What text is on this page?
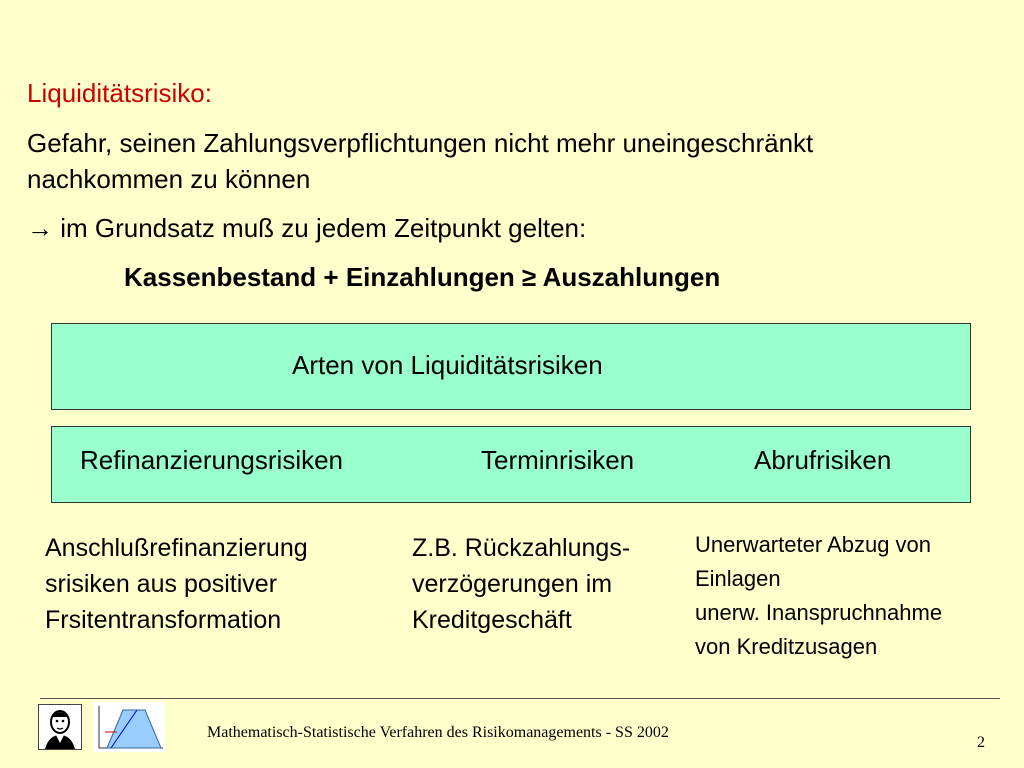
Liquiditätsrisiko:
Gefahr, seinen Zahlungsverpflichtungen nicht mehr uneingeschränkt
nachkommen zu können
→ im Grundsatz muß zu jedem Zeitpunkt gelten:
Kassenbestand + Einzahlungen ≥ Auszahlungen
Arten von Liquiditätsrisiken
Refinanzierungsrisiken	Terminrisiken	Abrufrisiken
Anschlußrefinanzierung
srisiken aus positiver
Frsitentransformation
Z.B. Rückzahlungs-
verzögerungen im
Kreditgeschäft
Unerwarteter Abzug von
Einlagen
unerw. Inanspruchnahme
von Kreditzusagen
Mathematisch-Statistische Verfahren des Risikomanagements - SS 2002
2
